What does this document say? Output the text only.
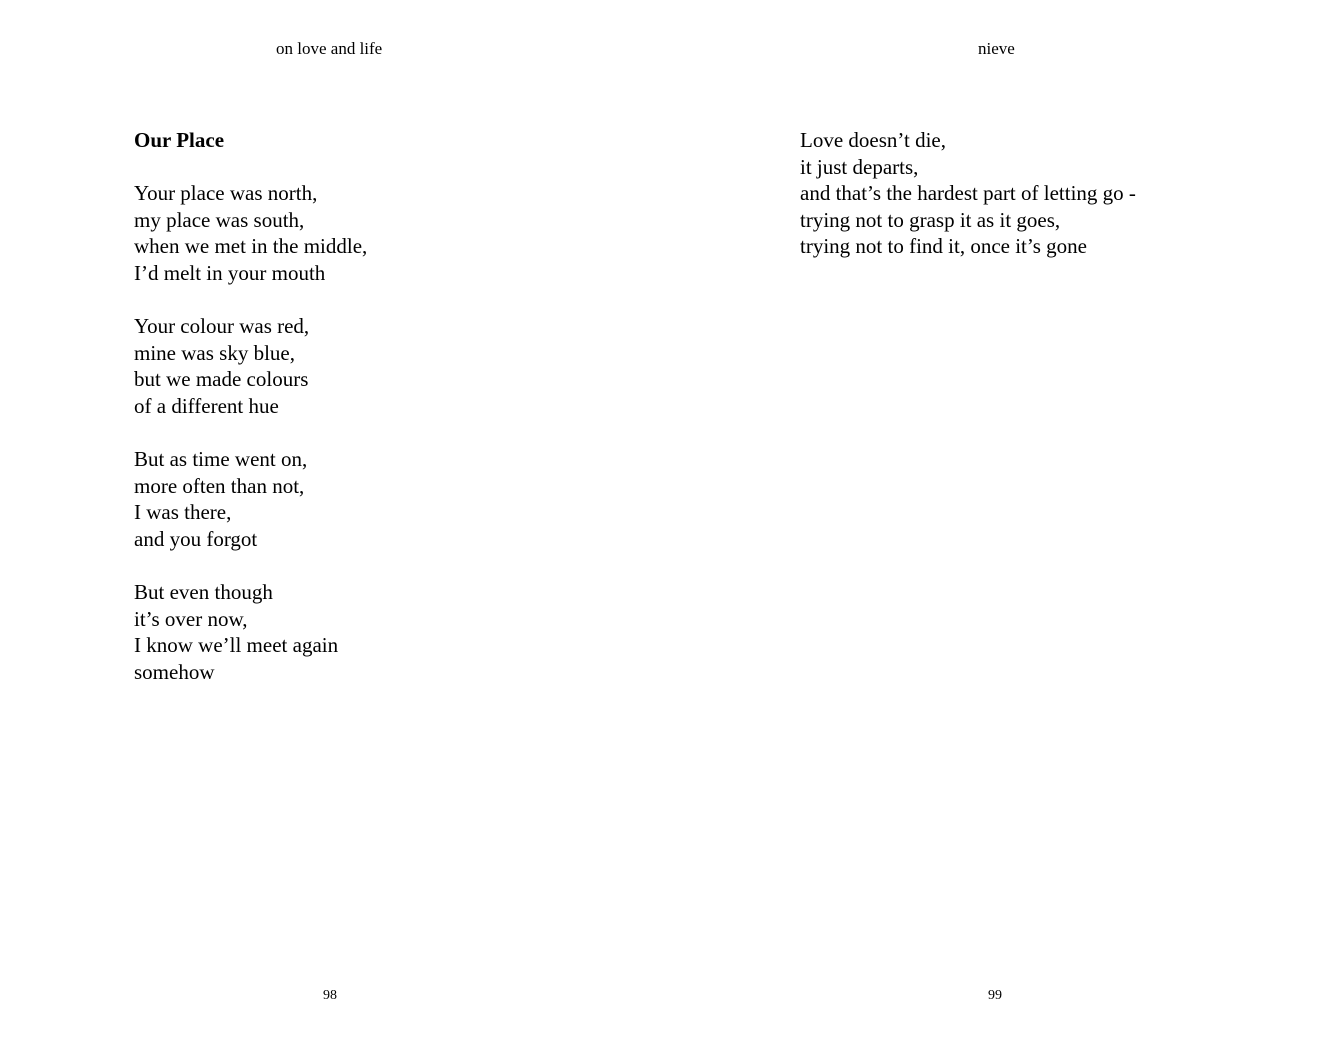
on love and life
Our Place
Your place was north,
my place was south,
when we met in the middle,
I’d melt in your mouth
Your colour was red,
mine was sky blue,
but we made colours
of a different hue
But as time went on,
more often than not,
I was there,
and you forgot
But even though
it’s over now,
I know we’ll meet again
somehow
98
nieve
Love doesn’t die,
it just departs,
and that’s the hardest part of letting go -
trying not to grasp it as it goes,
trying not to find it, once it’s gone
99
